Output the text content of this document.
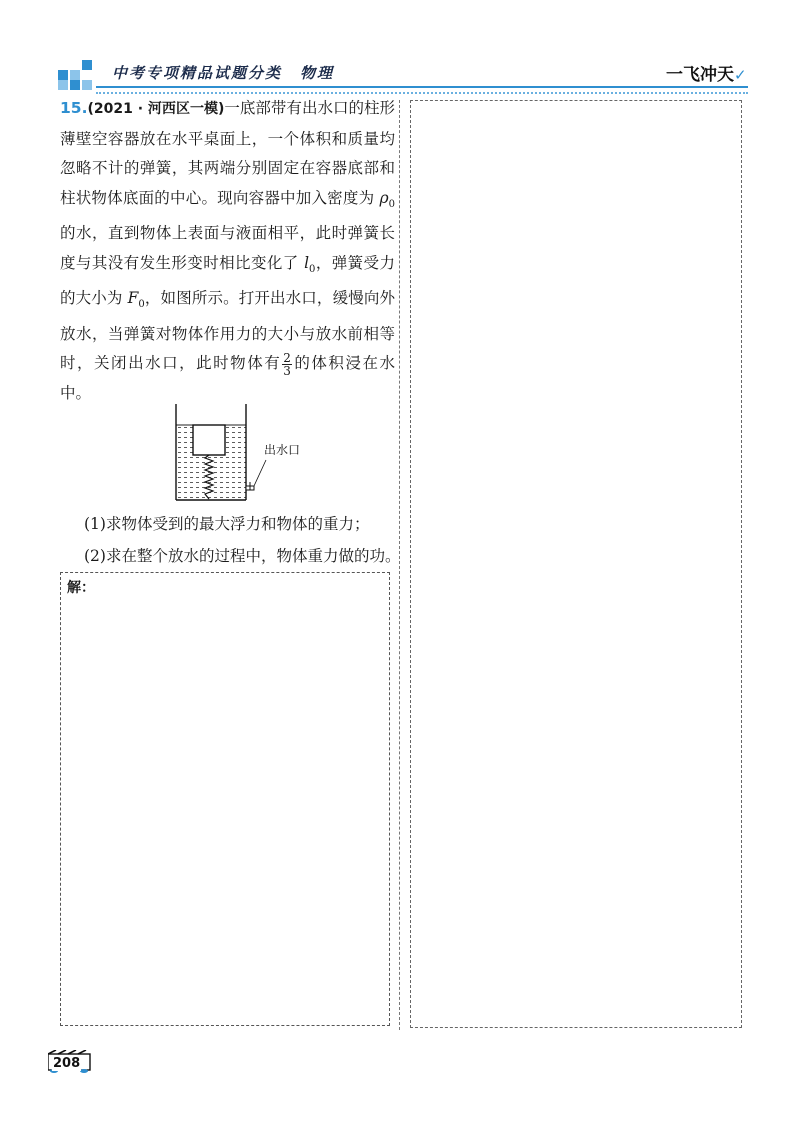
中考专项精品试题分类 物理	一飞冲天✓
15.(2021 · 河西区一模)一底部带有出水口的柱形薄壁空容器放在水平桌面上，一个体积和质量均忽略不计的弹簧，其两端分别固定在容器底部和柱状物体底面的中心。现向容器中加入密度为 $\rho_0$ 的水，直到物体上表面与液面相平，此时弹簧长度与其没有发生形变时相比变化了 $l_0$，弹簧受力的大小为 $F_0$，如图所示。打开出水口，缓慢向外放水，当弹簧对物体作用力的大小与放水前相等时，关闭出水口，此时物体有 $\frac{2}{3}$ 的体积浸在水中。
出水口
(1)求物体受到的最大浮力和物体的重力；
(2)求在整个放水的过程中，物体重力做的功。
解：
208
